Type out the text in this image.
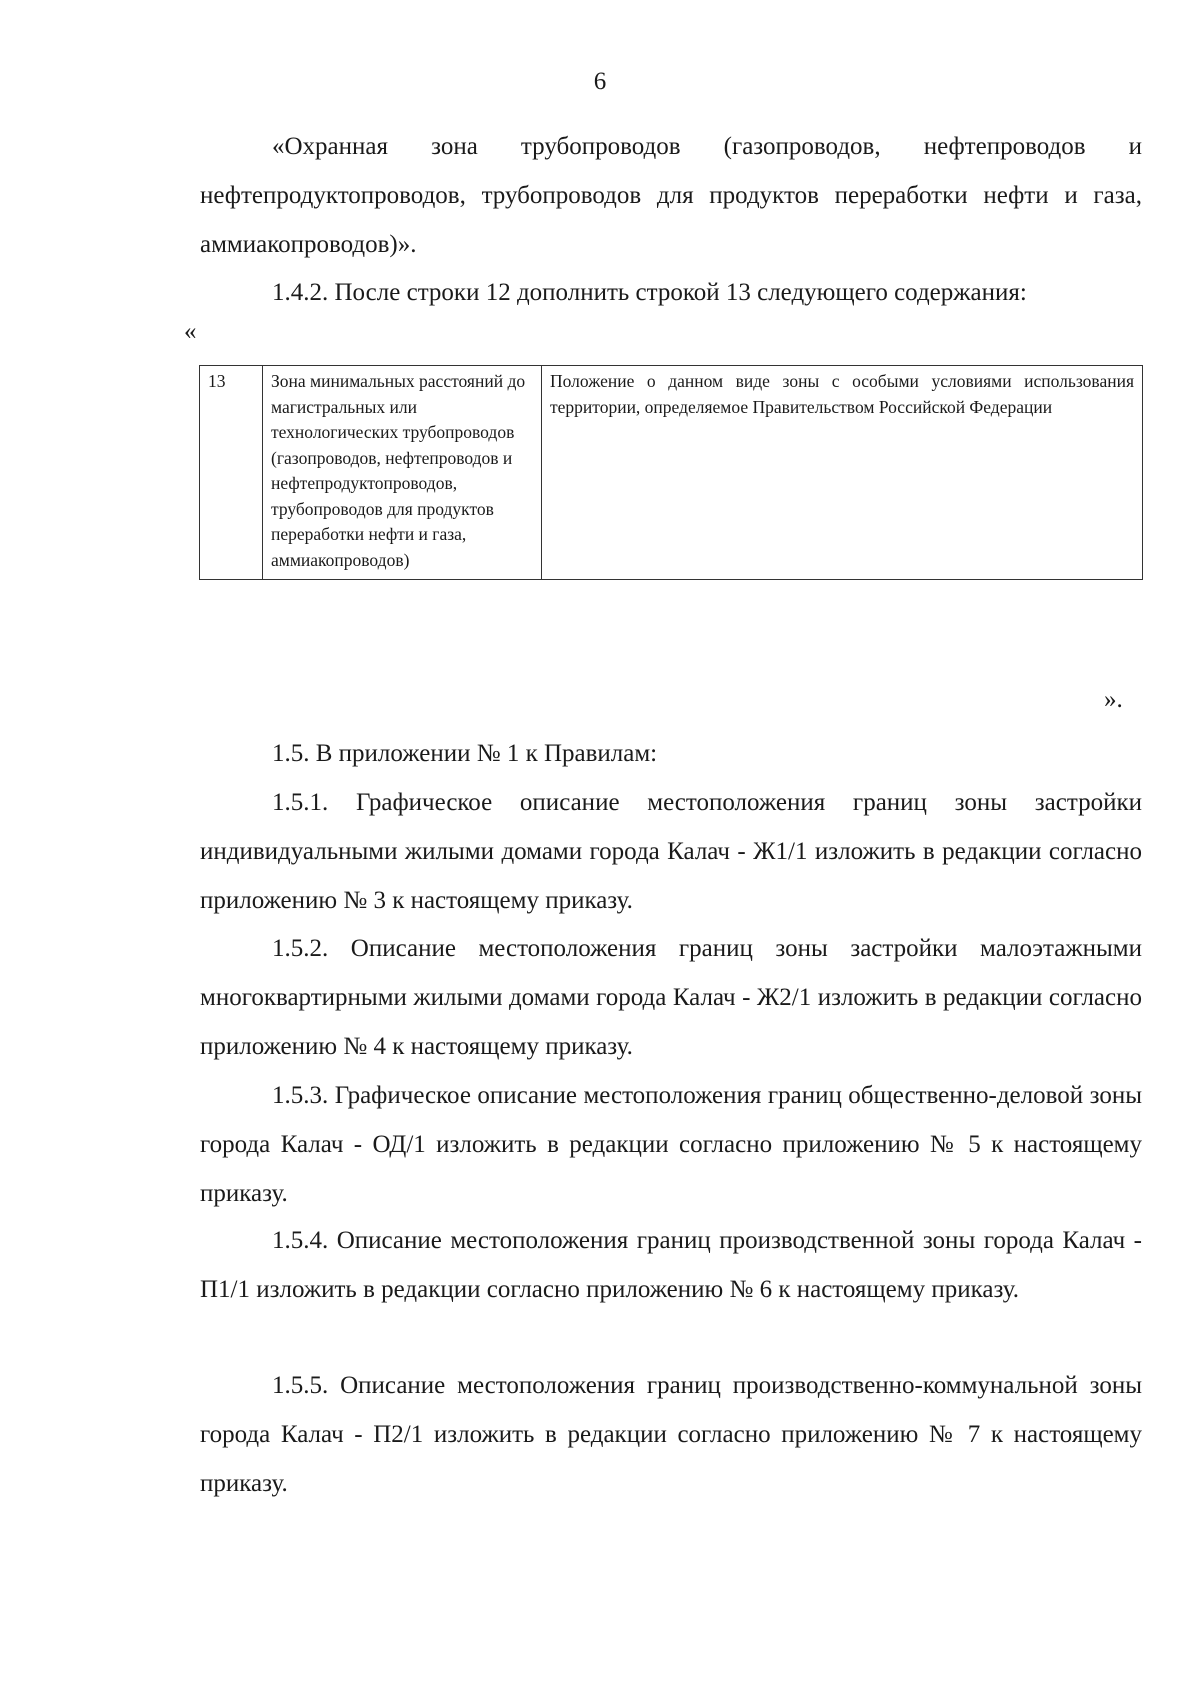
6

«Охранная зона трубопроводов (газопроводов, нефтепроводов и нефтепродуктопроводов, трубопроводов для продуктов переработки нефти и газа, аммиакопроводов)».

1.4.2. После строки 12 дополнить строкой 13 следующего содержания:

«
13	Зона минимальных расстояний до магистральных или технологических трубопроводов (газопроводов, нефтепроводов и нефтепродуктопроводов, трубопроводов для продуктов переработки нефти и газа, аммиакопроводов)	Положение о данном виде зоны с особыми условиями использования территории, определяемое Правительством Российской Федерации
».

1.5. В приложении № 1 к Правилам:

1.5.1. Графическое описание местоположения границ зоны застройки индивидуальными жилыми домами города Калач - Ж1/1 изложить в редакции согласно приложению № 3 к настоящему приказу.

1.5.2. Описание местоположения границ зоны застройки малоэтажными многоквартирными жилыми домами города Калач - Ж2/1 изложить в редакции согласно приложению № 4 к настоящему приказу.

1.5.3. Графическое описание местоположения границ общественно-деловой зоны города Калач - ОД/1 изложить в редакции согласно приложению № 5 к настоящему приказу.

1.5.4. Описание местоположения границ производственной зоны города Калач - П1/1 изложить в редакции согласно приложению № 6 к настоящему приказу.

1.5.5. Описание местоположения границ производственно-коммунальной зоны города Калач - П2/1 изложить в редакции согласно приложению № 7 к настоящему приказу.
